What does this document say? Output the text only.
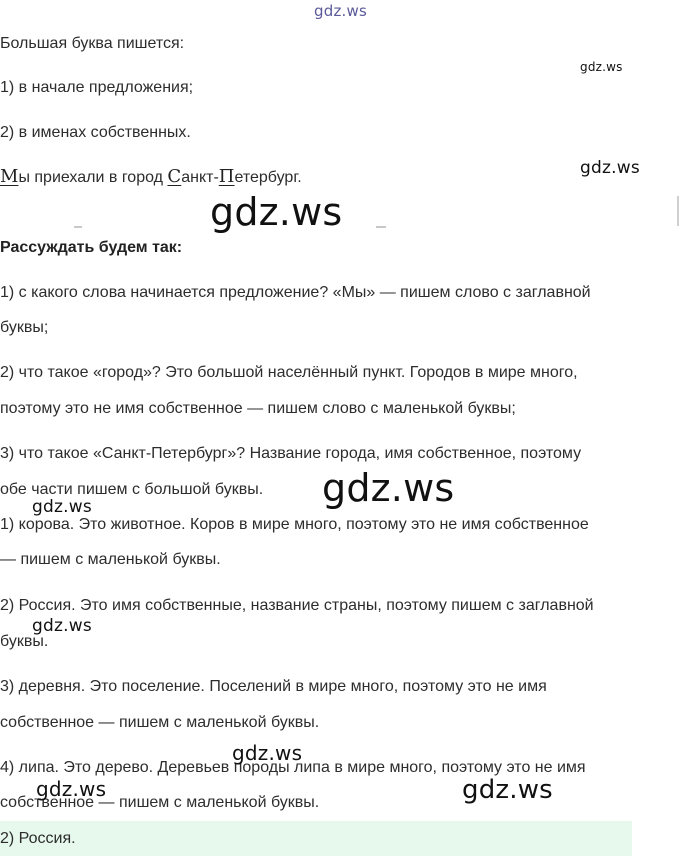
gdz.ws
Большая буква пишется:
1) в начале предложения;
2) в именах собственных.
Мы приехали в город Санкт-Петербург.
Рассуждать будем так:
1) с какого слова начинается предложение? «Мы» — пишем слово с заглавной
буквы;
2) что такое «город»? Это большой населённый пункт. Городов в мире много,
поэтому это не имя собственное — пишем слово с маленькой буквы;
3) что такое «Санкт-Петербург»? Название города, имя собственное, поэтому
обе части пишем с большой буквы.
1) корова. Это животное. Коров в мире много, поэтому это не имя собственное
— пишем с маленькой буквы.
2) Россия. Это имя собственные, название страны, поэтому пишем с заглавной
буквы.
3) деревня. Это поселение. Поселений в мире много, поэтому это не имя
собственное — пишем с маленькой буквы.
4) липа. Это дерево. Деревьев породы липа в мире много, поэтому это не имя
собственное — пишем с маленькой буквы.
2) Россия.
gdz.ws
gdz.ws
gdz.ws
gdz.ws
gdz.ws
gdz.ws
gdz.ws
gdz.ws	gdz.ws
